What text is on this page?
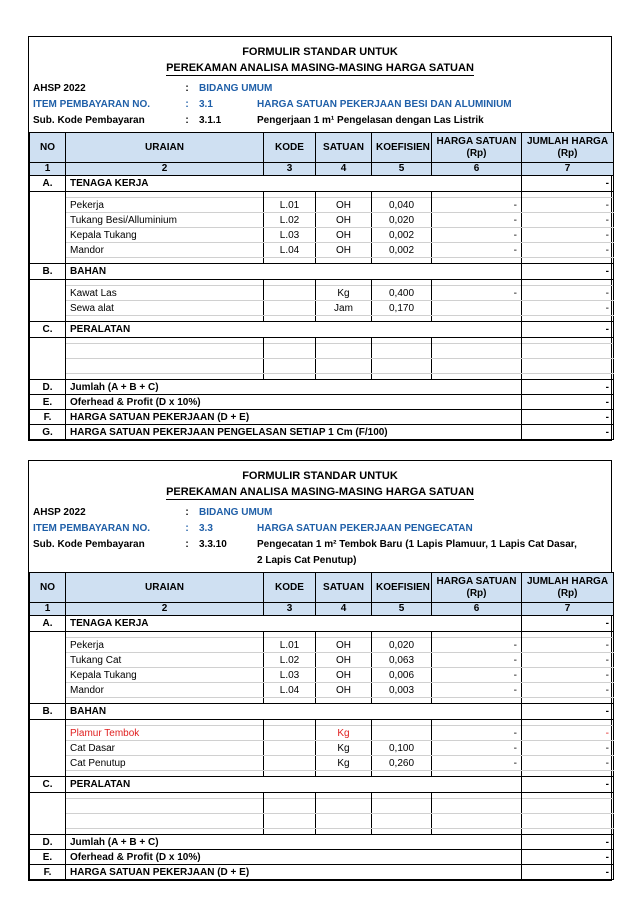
FORMULIR STANDAR UNTUK
PEREKAMAN ANALISA MASING-MASING HARGA SATUAN
AHSP 2022	:	BIDANG UMUM
ITEM PEMBAYARAN NO.	:	3.1	HARGA SATUAN PEKERJAAN BESI DAN ALUMINIUM
Sub. Kode Pembayaran	:	3.1.1	Pengerjaan 1 m¹ Pengelasan dengan Las Listrik
NO	URAIAN	KODE	SATUAN	KOEFISIEN	HARGA SATUAN (Rp)	JUMLAH HARGA (Rp)
1	2	3	4	5	6	7
A.	TENAGA KERJA					-

	Pekerja	L.01	OH	0,040	-	-
	Tukang Besi/Alluminium	L.02	OH	0,020	-	-
	Kepala Tukang	L.03	OH	0,002	-	-
	Mandor	L.04	OH	0,002	-	-

B.	BAHAN					-

	Kawat Las		Kg	0,400	-	-
	Sewa alat		Jam	0,170		-

C.	PERALATAN					-

D.	Jumlah (A + B + C)					-
E.	Oferhead & Profit (D x 10%)					-
F.	HARGA SATUAN PEKERJAAN (D + E)					-
G.	HARGA SATUAN PEKERJAAN PENGELASAN SETIAP 1 Cm (F/100)					-
FORMULIR STANDAR UNTUK
PEREKAMAN ANALISA MASING-MASING HARGA SATUAN
AHSP 2022	:	BIDANG UMUM
ITEM PEMBAYARAN NO.	:	3.3	HARGA SATUAN PEKERJAAN PENGECATAN
Sub. Kode Pembayaran	:	3.3.10	Pengecatan 1 m² Tembok Baru (1 Lapis Plamuur, 1 Lapis Cat Dasar,
2 Lapis Cat Penutup)
NO	URAIAN	KODE	SATUAN	KOEFISIEN	HARGA SATUAN (Rp)	JUMLAH HARGA (Rp)
1	2	3	4	5	6	7
A.	TENAGA KERJA					-

	Pekerja	L.01	OH	0,020	-	-
	Tukang Cat	L.02	OH	0,063	-	-
	Kepala Tukang	L.03	OH	0,006	-	-
	Mandor	L.04	OH	0,003	-	-

B.	BAHAN					-

	Plamur Tembok		Kg		-	-
	Cat Dasar		Kg	0,100	-	-
	Cat Penutup		Kg	0,260	-	-

C.	PERALATAN					-

D.	Jumlah (A + B + C)					-
E.	Oferhead & Profit (D x 10%)					-
F.	HARGA SATUAN PEKERJAAN (D + E)					-
